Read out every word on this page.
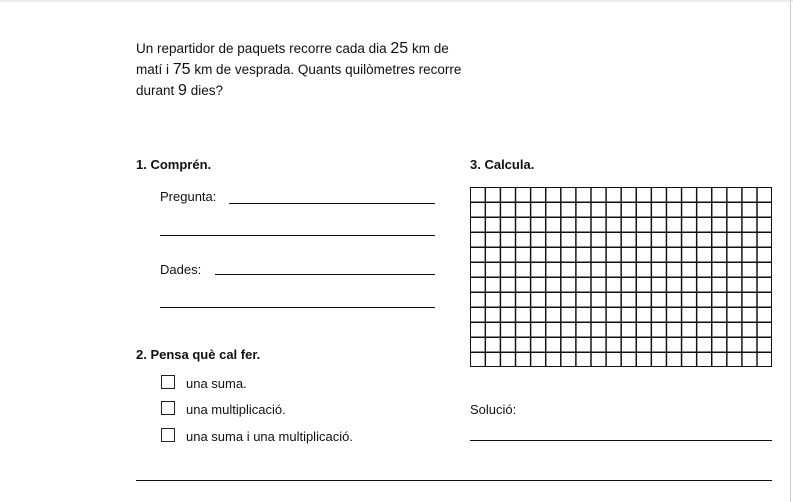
Un repartidor de paquets recorre cada dia 25 km de matí i 75 km de vesprada. Quants quilòmetres recorre durant 9 dies?
1. Comprén.
Pregunta:
Dades:
2. Pensa què cal fer.
una suma.
una multiplicació.
una suma i una multiplicació.
3. Calcula.
Solució:
